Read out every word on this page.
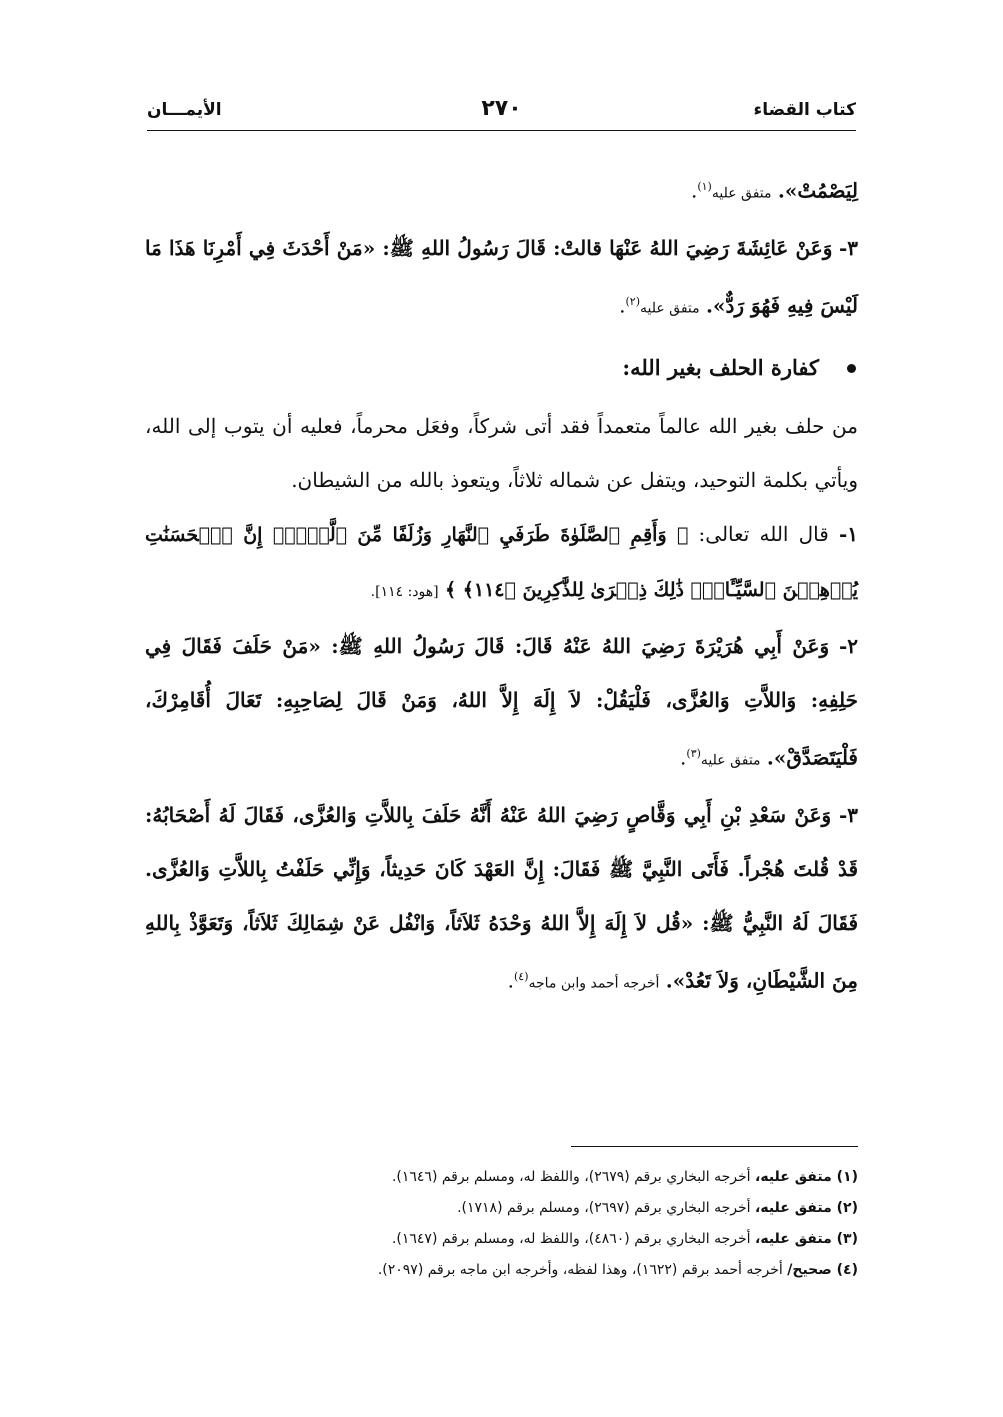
كتاب القضاء
٢٧٠
الأيمـــان

لِيَصْمُتْ». متفق عليه$^{(١)}$.

٣- وَعَنْ عَائِشَةَ رَضِيَ اللهُ عَنْهَا قالتْ: قَالَ رَسُولُ اللهِ ﷺ: «مَنْ أَحْدَثَ فِي أَمْرِنَا هَذَا مَا لَيْسَ فِيهِ فَهُوَ رَدٌّ». متفق عليه$^{(٢)}$.

كفارة الحلف بغير الله:

من حلف بغير الله عالماً متعمداً فقد أتى شركاً، وفعَل محرماً، فعليه أن يتوب إلى الله، ويأتي بكلمة التوحيد، ويتفل عن شماله ثلاثاً، ويتعوذ بالله من الشيطان.

١- قال الله تعالى: ﴿ وَأَقِمِ ٱلصَّلَوٰةَ طَرَفَيِ ٱلنَّهَارِ وَزُلَفًا مِّنَ ٱلَّيۡلِۚ إِنَّ ٱلۡحَسَنَٰتِ يُذۡهِبۡنَ ٱلسَّيِّـَٔاتِۚ ذَٰلِكَ ذِكۡرَىٰ لِلذَّٰكِرِينَ ﴿١١٤﴾ ﴾ [هود: ١١٤].

٢- وَعَنْ أَبِي هُرَيْرَةَ رَضِيَ اللهُ عَنْهُ قَالَ: قَالَ رَسُولُ اللهِ ﷺ: «مَنْ حَلَفَ فَقَالَ فِي حَلِفِهِ: وَاللاَّتِ وَالعُزَّى، فَلْيَقُلْ: لاَ إِلَهَ إِلاَّ اللهُ، وَمَنْ قَالَ لِصَاحِبِهِ: تَعَالَ أُقَامِرْكَ، فَلْيَتَصَدَّقْ». متفق عليه$^{(٣)}$.

٣- وَعَنْ سَعْدِ بْنِ أَبِي وَقَّاصٍ رَضِيَ اللهُ عَنْهُ أَنَّهُ حَلَفَ بِاللاَّتِ وَالعُزَّى، فَقَالَ لَهُ أَصْحَابُهُ: قَدْ قُلتَ هُجْراً. فَأَتَى النَّبِيَّ ﷺ فَقَالَ: إِنَّ العَهْدَ كَانَ حَدِيثاً، وَإِنِّي حَلَفْتُ بِاللاَّتِ وَالعُزَّى. فَقَالَ لَهُ النَّبِيُّ ﷺ: «قُل لاَ إِلَهَ إِلاَّ اللهُ وَحْدَهُ ثَلاَثاً، وَانْفُل عَنْ شِمَالِكَ ثَلاَثاً، وَتَعَوَّذْ بِاللهِ مِنَ الشَّيْطَانِ، وَلاَ تَعُدْ». أخرجه أحمد وابن ماجه$^{(٤)}$.

(١) متفق عليه، أخرجه البخاري برقم (٢٦٧٩)، واللفظ له، ومسلم برقم (١٦٤٦).
(٢) متفق عليه، أخرجه البخاري برقم (٢٦٩٧)، ومسلم برقم (١٧١٨).
(٣) متفق عليه، أخرجه البخاري برقم (٤٨٦٠)، واللفظ له، ومسلم برقم (١٦٤٧).
(٤) صحيح/ أخرجه أحمد برقم (١٦٢٢)، وهذا لفظه، وأخرجه ابن ماجه برقم (٢٠٩٧).
